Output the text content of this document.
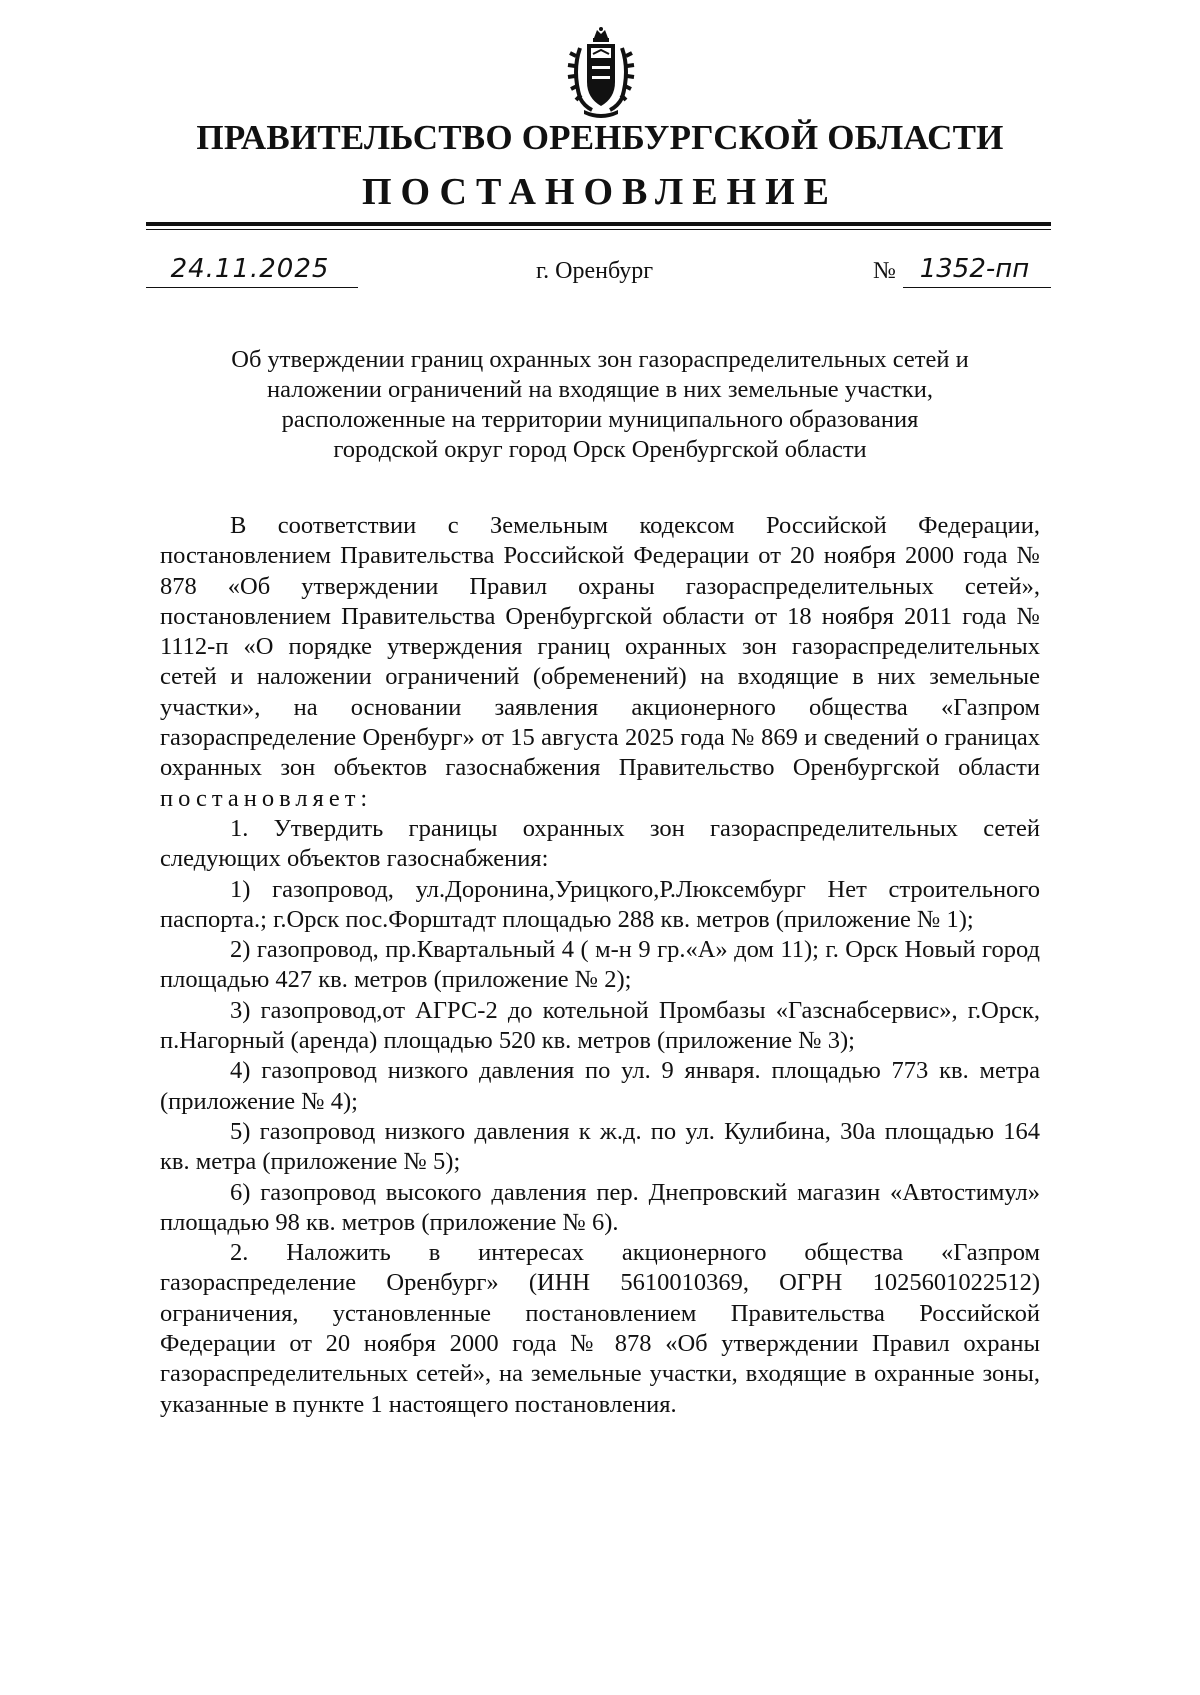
ПРАВИТЕЛЬСТВО ОРЕНБУРГСКОЙ ОБЛАСТИ
ПОСТАНОВЛЕНИЕ
24.11.2025	г. Оренбург	№ 1352-пп
Об утверждении границ охранных зон газораспределительных сетей и
наложении ограничений на входящие в них земельные участки,
расположенные на территории муниципального образования
городской округ город Орск Оренбургской области

В соответствии с Земельным кодексом Российской Федерации, постановлением Правительства Российской Федерации от 20 ноября 2000 года № 878 «Об утверждении Правил охраны газораспределительных сетей», постановлением Правительства Оренбургской области от 18 ноября 2011 года № 1112-п «О порядке утверждения границ охранных зон газораспределительных сетей и наложении ограничений (обременений) на входящие в них земельные участки», на основании заявления акционерного общества «Газпром газораспределение Оренбург» от 15 августа 2025 года № 869 и сведений о границах охранных зон объектов газоснабжения Правительство Оренбургской области постановляет:

1. Утвердить границы охранных зон газораспределительных сетей следующих объектов газоснабжения:

1) газопровод, ул.Доронина,Урицкого,Р.Люксембург Нет строительного паспорта.; г.Орск пос.Форштадт площадью 288 кв. метров (приложение № 1);

2) газопровод, пр.Квартальный 4 ( м-н 9 гр.«А» дом 11); г. Орск Новый город площадью 427 кв. метров (приложение № 2);

3) газопровод,от АГРС-2 до котельной Промбазы «Газснабсервис», г.Орск, п.Нагорный (аренда) площадью 520 кв. метров (приложение № 3);

4) газопровод низкого давления по ул. 9 января. площадью 773 кв. метра (приложение № 4);

5) газопровод низкого давления к ж.д. по ул. Кулибина, 30а площадью 164 кв. метра (приложение № 5);

6) газопровод высокого давления пер. Днепровский магазин «Автостимул» площадью 98 кв. метров (приложение № 6).

2. Наложить в интересах акционерного общества «Газпром газораспределение Оренбург» (ИНН 5610010369, ОГРН 1025601022512) ограничения, установленные постановлением Правительства Российской Федерации от 20 ноября 2000 года № 878 «Об утверждении Правил охраны газораспределительных сетей», на земельные участки, входящие в охранные зоны, указанные в пункте 1 настоящего постановления.
